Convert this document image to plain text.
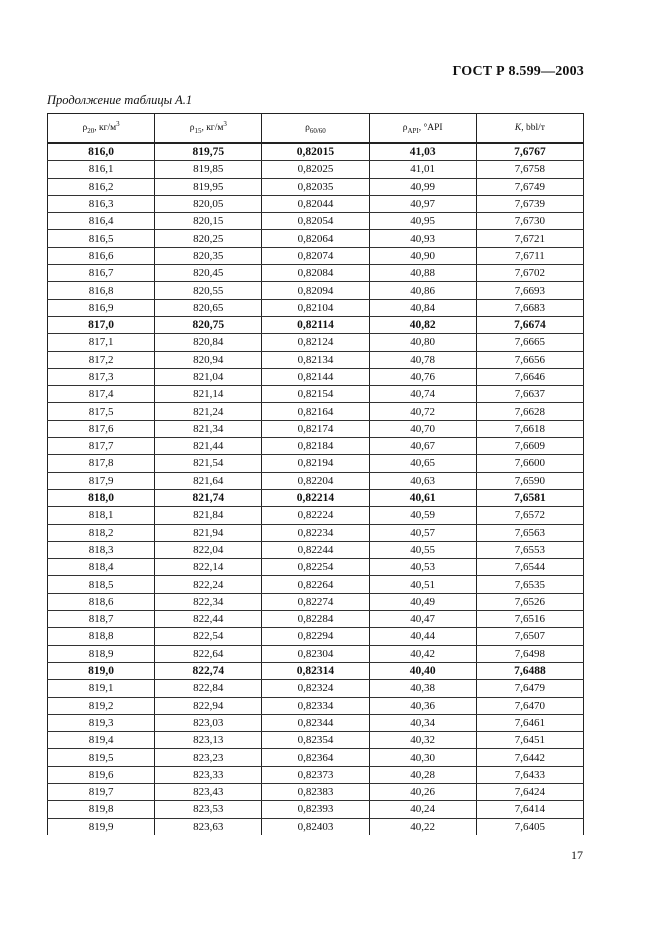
ГОСТ Р 8.599—2003
Продолжение таблицы А.1
$\rho_{20}$, $кг/м^3$	$\rho_{15}$, $кг/м^3$	$\rho_{60/60}$	$\rho_{API}$, °API	K, bbl/т
816,0	819,75	0,82015	41,03	7,6767
816,1	819,85	0,82025	41,01	7,6758
816,2	819,95	0,82035	40,99	7,6749
816,3	820,05	0,82044	40,97	7,6739
816,4	820,15	0,82054	40,95	7,6730
816,5	820,25	0,82064	40,93	7,6721
816,6	820,35	0,82074	40,90	7,6711
816,7	820,45	0,82084	40,88	7,6702
816,8	820,55	0,82094	40,86	7,6693
816,9	820,65	0,82104	40,84	7,6683
817,0	820,75	0,82114	40,82	7,6674
817,1	820,84	0,82124	40,80	7,6665
817,2	820,94	0,82134	40,78	7,6656
817,3	821,04	0,82144	40,76	7,6646
817,4	821,14	0,82154	40,74	7,6637
817,5	821,24	0,82164	40,72	7,6628
817,6	821,34	0,82174	40,70	7,6618
817,7	821,44	0,82184	40,67	7,6609
817,8	821,54	0,82194	40,65	7,6600
817,9	821,64	0,82204	40,63	7,6590
818,0	821,74	0,82214	40,61	7,6581
818,1	821,84	0,82224	40,59	7,6572
818,2	821,94	0,82234	40,57	7,6563
818,3	822,04	0,82244	40,55	7,6553
818,4	822,14	0,82254	40,53	7,6544
818,5	822,24	0,82264	40,51	7,6535
818,6	822,34	0,82274	40,49	7,6526
818,7	822,44	0,82284	40,47	7,6516
818,8	822,54	0,82294	40,44	7,6507
818,9	822,64	0,82304	40,42	7,6498
819,0	822,74	0,82314	40,40	7,6488
819,1	822,84	0,82324	40,38	7,6479
819,2	822,94	0,82334	40,36	7,6470
819,3	823,03	0,82344	40,34	7,6461
819,4	823,13	0,82354	40,32	7,6451
819,5	823,23	0,82364	40,30	7,6442
819,6	823,33	0,82373	40,28	7,6433
819,7	823,43	0,82383	40,26	7,6424
819,8	823,53	0,82393	40,24	7,6414
819,9	823,63	0,82403	40,22	7,6405
17
